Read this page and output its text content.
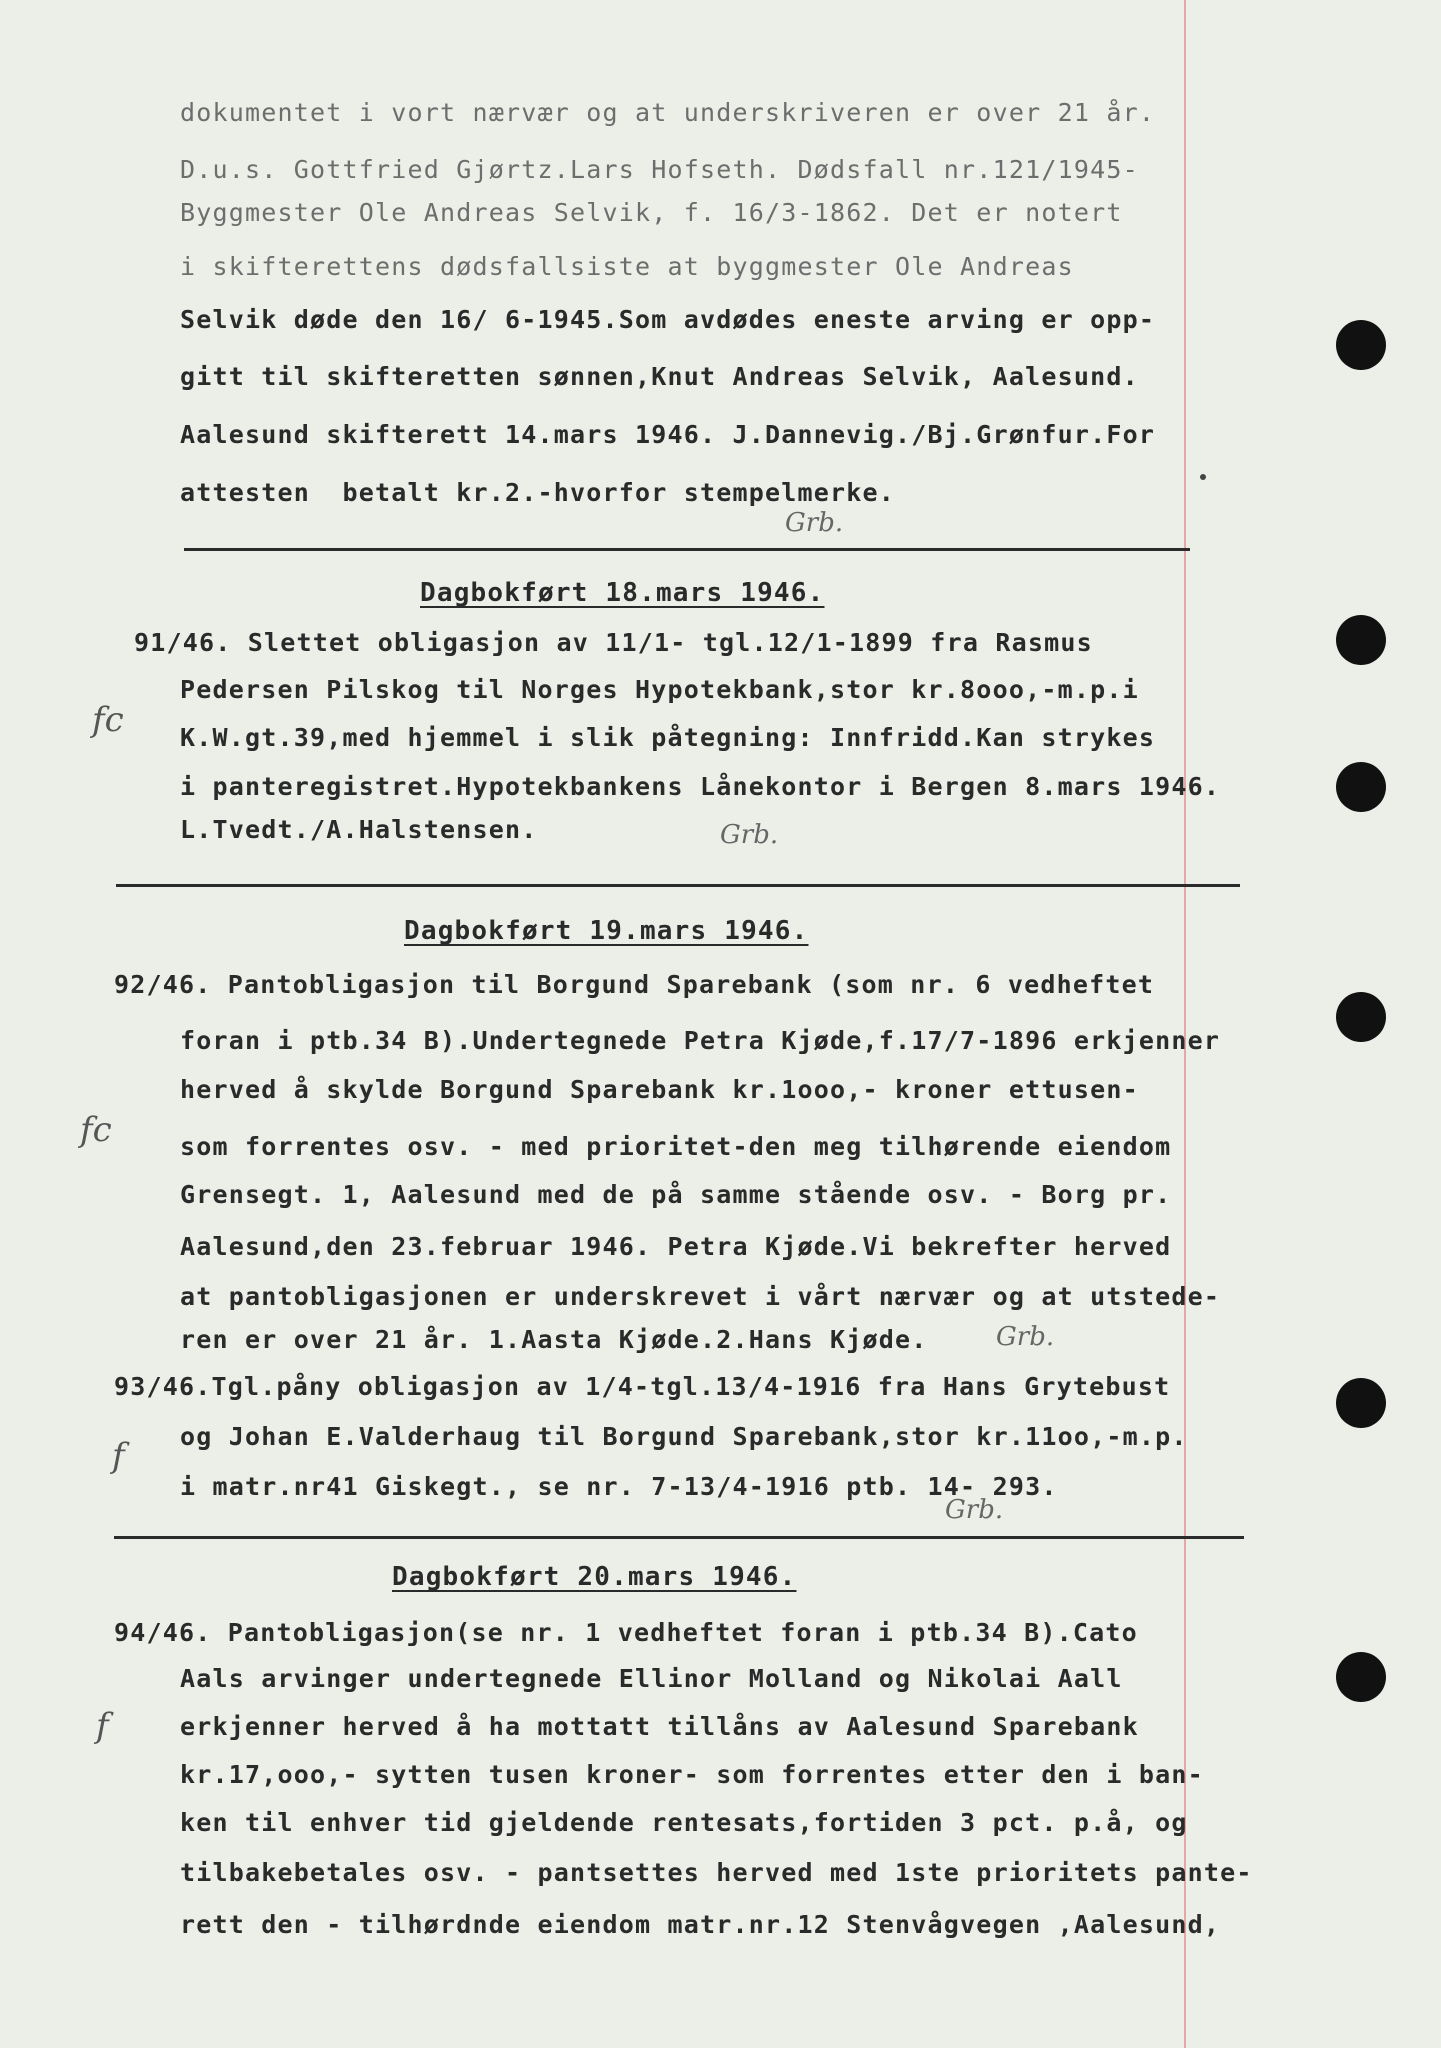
dokumentet i vort nærvær og at underskriveren er over 21 år.
D.u.s. Gottfried Gjørtz.Lars Hofseth. Dødsfall nr.121/1945-
Byggmester Ole Andreas Selvik, f. 16/3-1862. Det er notert
i skifterettens dødsfallsiste at byggmester Ole Andreas
Selvik døde den 16/ 6-1945.Som avdødes eneste arving er opp-
gitt til skifteretten sønnen,Knut Andreas Selvik, Aalesund.
Aalesund skifterett 14.mars 1946. J.Dannevig./Bj.Grønfur.For
attesten  betalt kr.2.-hvorfor stempelmerke.
Grb.
Dagbokført 18.mars 1946.
91/46. Slettet obligasjon av 11/1- tgl.12/1-1899 fra Rasmus
Pedersen Pilskog til Norges Hypotekbank,stor kr.8ooo,-m.p.i
K.W.gt.39,med hjemmel i slik påtegning: Innfridd.Kan strykes
i panteregistret.Hypotekbankens Lånekontor i Bergen 8.mars 1946.
L.Tvedt./A.Halstensen.
fc
Grb.
Dagbokført 19.mars 1946.
92/46. Pantobligasjon til Borgund Sparebank (som nr. 6 vedheftet
foran i ptb.34 B).Undertegnede Petra Kjøde,f.17/7-1896 erkjenner
herved å skylde Borgund Sparebank kr.1ooo,- kroner ettusen-
som forrentes osv. - med prioritet-den meg tilhørende eiendom
Grensegt. 1, Aalesund med de på samme stående osv. - Borg pr.
Aalesund,den 23.februar 1946. Petra Kjøde.Vi bekrefter herved
at pantobligasjonen er underskrevet i vårt nærvær og at utstede-
ren er over 21 år. 1.Aasta Kjøde.2.Hans Kjøde.
fc
Grb.
93/46.Tgl.påny obligasjon av 1/4-tgl.13/4-1916 fra Hans Grytebust
og Johan E.Valderhaug til Borgund Sparebank,stor kr.11oo,-m.p.
i matr.nr41 Giskegt., se nr. 7-13/4-1916 ptb. 14- 293.
f
Grb.
Dagbokført 20.mars 1946.
94/46. Pantobligasjon(se nr. 1 vedheftet foran i ptb.34 B).Cato
Aals arvinger undertegnede Ellinor Molland og Nikolai Aall
erkjenner herved å ha mottatt tillåns av Aalesund Sparebank
kr.17,ooo,- sytten tusen kroner- som forrentes etter den i ban-
ken til enhver tid gjeldende rentesats,fortiden 3 pct. p.å, og
tilbakebetales osv. - pantsettes herved med 1ste prioritets pante-
rett den - tilhørdnde eiendom matr.nr.12 Stenvågvegen ,Aalesund,
f
